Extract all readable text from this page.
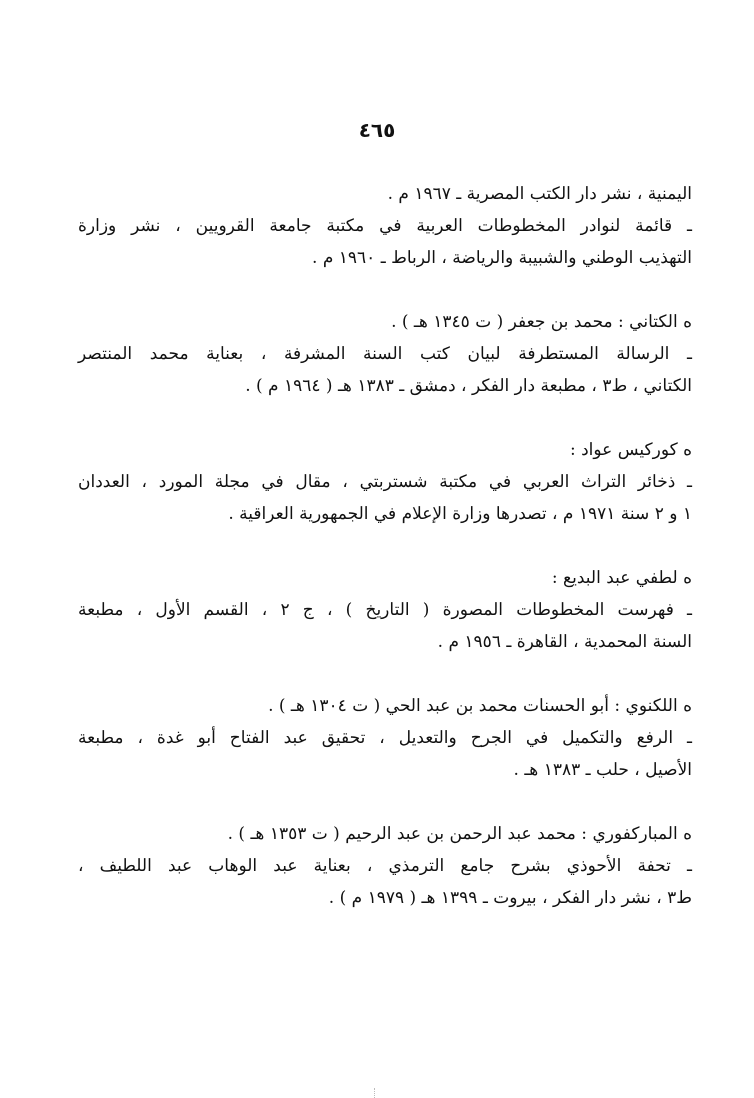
٤٦٥
اليمنية ، نشر دار الكتب المصرية ـ ١٩٦٧ م .
ـ قائمة لنوادر المخطوطات العربية في مكتبة جامعة القرويين ، نشر وزارة
التهذيب الوطني والشبيبة والرياضة ، الرباط ـ ١٩٦٠ م .
ه الكتاني : محمد بن جعفر ( ت ١٣٤٥ هـ ) .
ـ الرسالة المستطرفة لبيان كتب السنة المشرفة ، بعناية محمد المنتصر
الكتاني ، ط٣ ، مطبعة دار الفكر ، دمشق ـ ١٣٨٣ هـ ( ١٩٦٤ م ) .
ه كوركيس عواد :
ـ ذخائر التراث العربي في مكتبة شستربتي ، مقال في مجلة المورد ، العددان
١ و ٢ سنة ١٩٧١ م ، تصدرها وزارة الإعلام في الجمهورية العراقية .
ه لطفي عبد البديع :
ـ فهرست المخطوطات المصورة ( التاريخ ) ، ج ٢ ، القسم الأول ، مطبعة
السنة المحمدية ، القاهرة ـ ١٩٥٦ م .
ه اللكنوي : أبو الحسنات محمد بن عبد الحي ( ت ١٣٠٤ هـ ) .
ـ الرفع والتكميل في الجرح والتعديل ، تحقيق عبد الفتاح أبو غدة ، مطبعة
الأصيل ، حلب ـ ١٣٨٣ هـ .
ه المباركفوري : محمد عبد الرحمن بن عبد الرحيم ( ت ١٣٥٣ هـ ) .
ـ تحفة الأحوذي بشرح جامع الترمذي ، بعناية عبد الوهاب عبد اللطيف ،
ط٣ ، نشر دار الفكر ، بيروت ـ ١٣٩٩ هـ ( ١٩٧٩ م ) .
